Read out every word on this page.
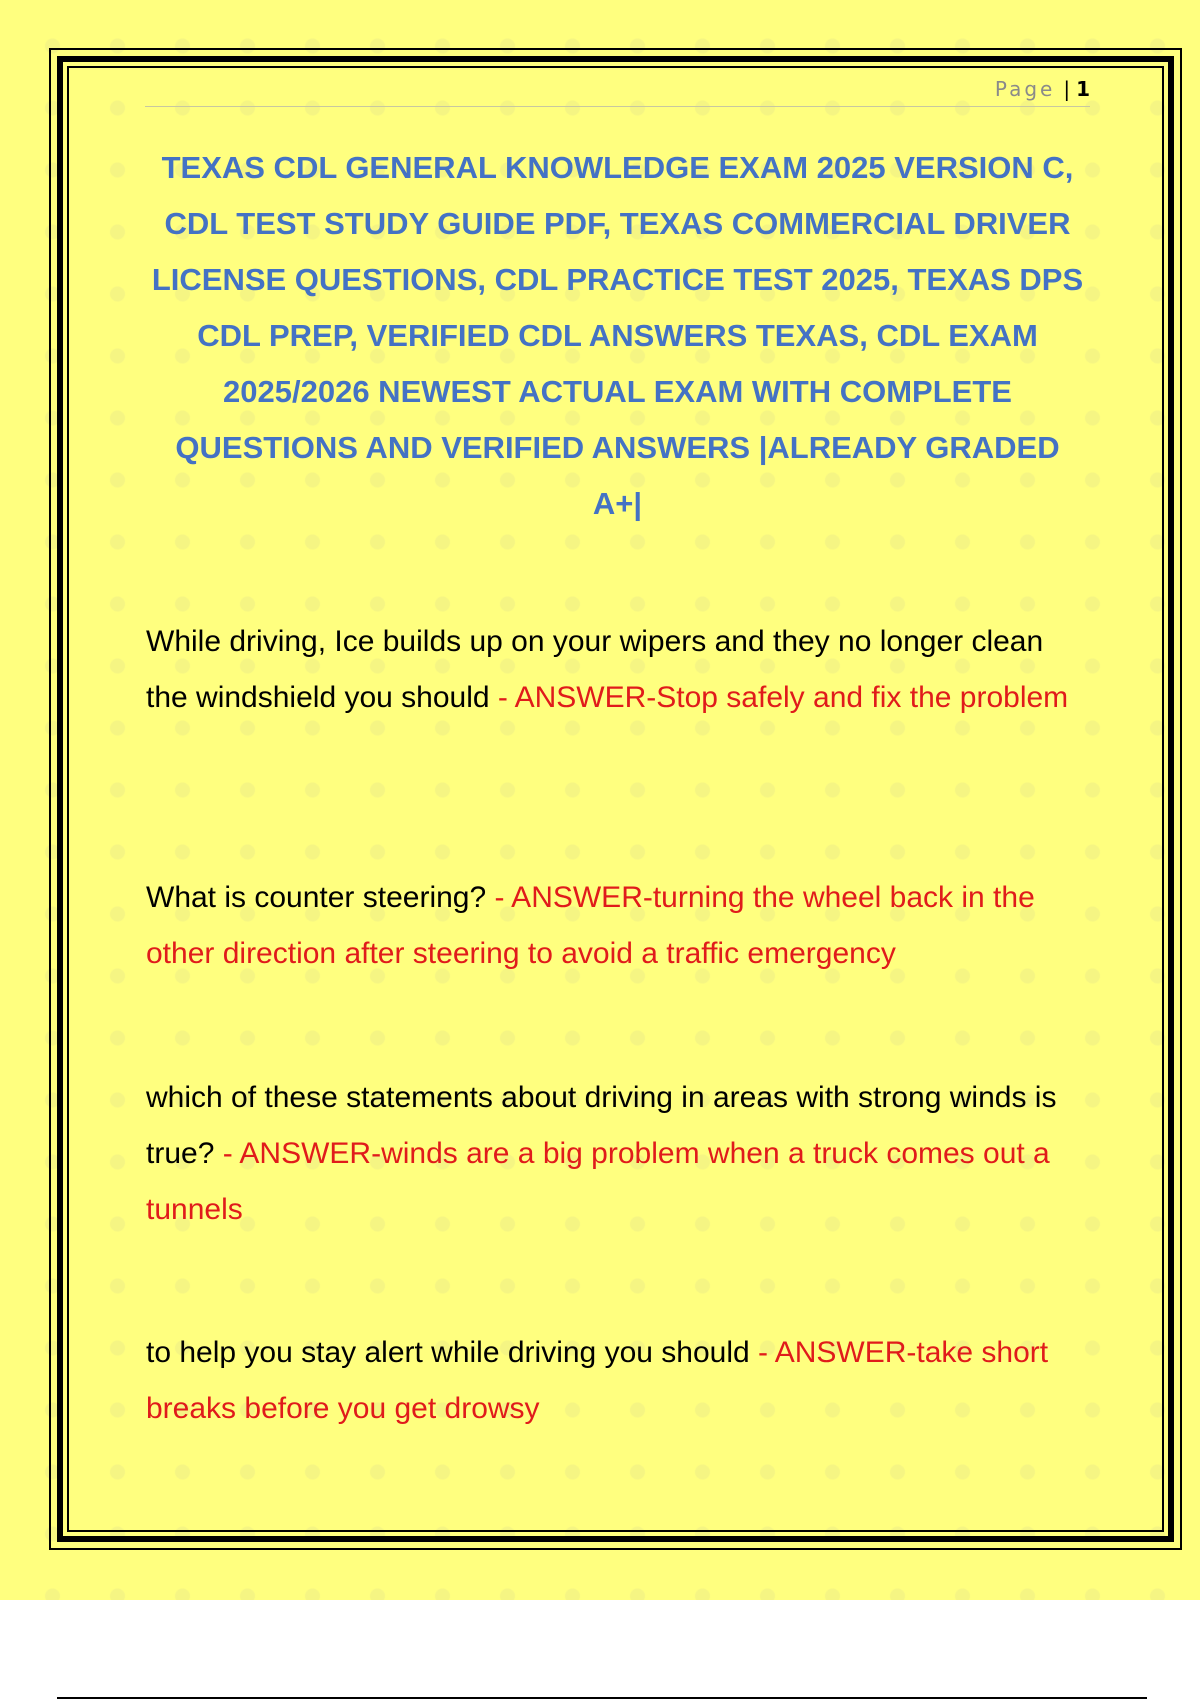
Page | 1
TEXAS CDL GENERAL KNOWLEDGE EXAM 2025 VERSION C, CDL TEST STUDY GUIDE PDF, TEXAS COMMERCIAL DRIVER LICENSE QUESTIONS, CDL PRACTICE TEST 2025, TEXAS DPS CDL PREP, VERIFIED CDL ANSWERS TEXAS, CDL EXAM 2025/2026 NEWEST ACTUAL EXAM WITH COMPLETE QUESTIONS AND VERIFIED ANSWERS |ALREADY GRADED A+|

While driving, Ice builds up on your wipers and they no longer clean the windshield you should - ANSWER-Stop safely and fix the problem

What is counter steering? - ANSWER-turning the wheel back in the other direction after steering to avoid a traffic emergency

which of these statements about driving in areas with strong winds is true? - ANSWER-winds are a big problem when a truck comes out a tunnels

to help you stay alert while driving you should - ANSWER-take short breaks before you get drowsy
